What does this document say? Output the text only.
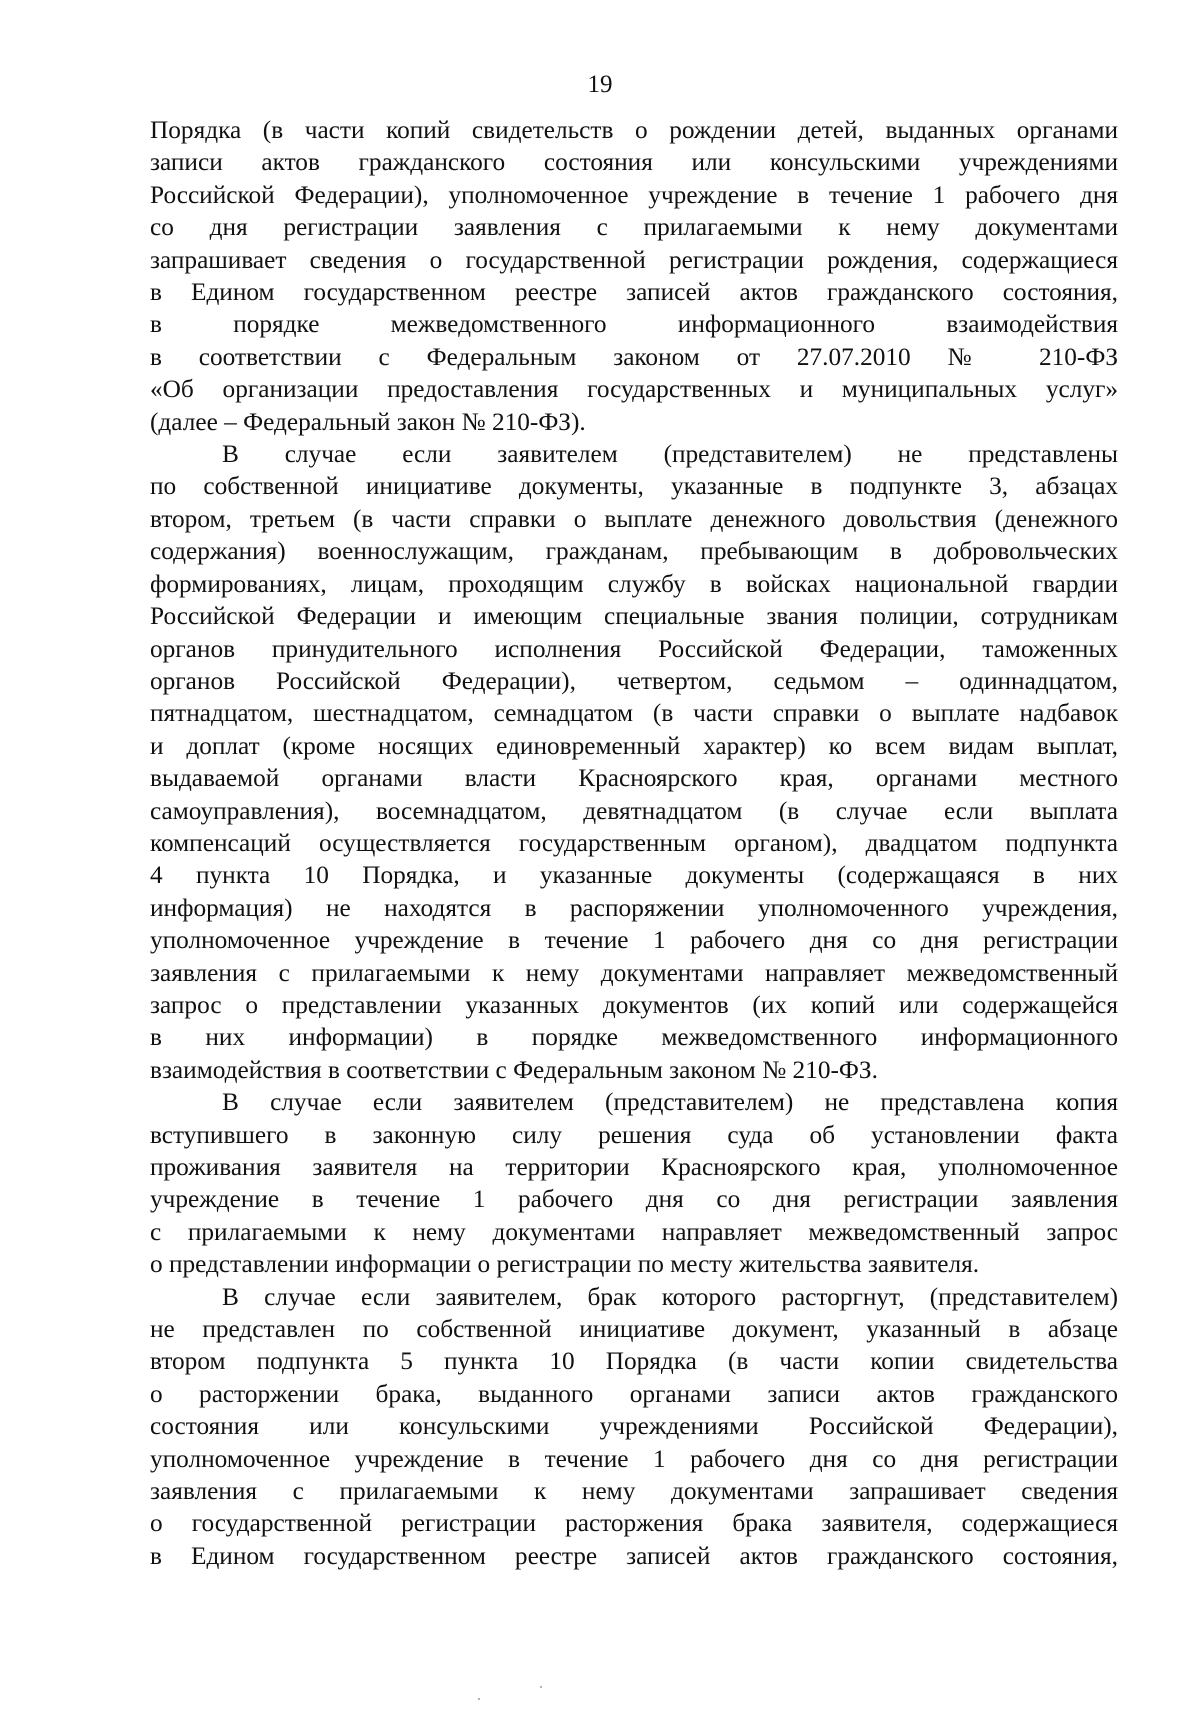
19

Порядка (в части копий свидетельств о рождении детей, выданных органами
записи актов гражданского состояния или консульскими учреждениями
Российской Федерации), уполномоченное учреждение в течение 1 рабочего дня
со дня регистрации заявления с прилагаемыми к нему документами
запрашивает сведения о государственной регистрации рождения, содержащиеся
в Едином государственном реестре записей актов гражданского состояния,
в порядке межведомственного информационного взаимодействия
в соответствии с Федеральным законом от 27.07.2010 № 210-ФЗ
«Об организации предоставления государственных и муниципальных услуг»
(далее – Федеральный закон № 210-ФЗ).

В случае если заявителем (представителем) не представлены
по собственной инициативе документы, указанные в подпункте 3, абзацах
втором, третьем (в части справки о выплате денежного довольствия (денежного
содержания) военнослужащим, гражданам, пребывающим в добровольческих
формированиях, лицам, проходящим службу в войсках национальной гвардии
Российской Федерации и имеющим специальные звания полиции, сотрудникам
органов принудительного исполнения Российской Федерации, таможенных
органов Российской Федерации), четвертом, седьмом – одиннадцатом,
пятнадцатом, шестнадцатом, семнадцатом (в части справки о выплате надбавок
и доплат (кроме носящих единовременный характер) ко всем видам выплат,
выдаваемой органами власти Красноярского края, органами местного
самоуправления), восемнадцатом, девятнадцатом (в случае если выплата
компенсаций осуществляется государственным органом), двадцатом подпункта
4 пункта 10 Порядка, и указанные документы (содержащаяся в них
информация) не находятся в распоряжении уполномоченного учреждения,
уполномоченное учреждение в течение 1 рабочего дня со дня регистрации
заявления с прилагаемыми к нему документами направляет межведомственный
запрос о представлении указанных документов (их копий или содержащейся
в них информации) в порядке межведомственного информационного
взаимодействия в соответствии с Федеральным законом № 210-ФЗ.

В случае если заявителем (представителем) не представлена копия
вступившего в законную силу решения суда об установлении факта
проживания заявителя на территории Красноярского края, уполномоченное
учреждение в течение 1 рабочего дня со дня регистрации заявления
с прилагаемыми к нему документами направляет межведомственный запрос
о представлении информации о регистрации по месту жительства заявителя.

В случае если заявителем, брак которого расторгнут, (представителем)
не представлен по собственной инициативе документ, указанный в абзаце
втором подпункта 5 пункта 10 Порядка (в части копии свидетельства
о расторжении брака, выданного органами записи актов гражданского
состояния или консульскими учреждениями Российской Федерации),
уполномоченное учреждение в течение 1 рабочего дня со дня регистрации
заявления с прилагаемыми к нему документами запрашивает сведения
о государственной регистрации расторжения брака заявителя, содержащиеся
в Едином государственном реестре записей актов гражданского состояния,
